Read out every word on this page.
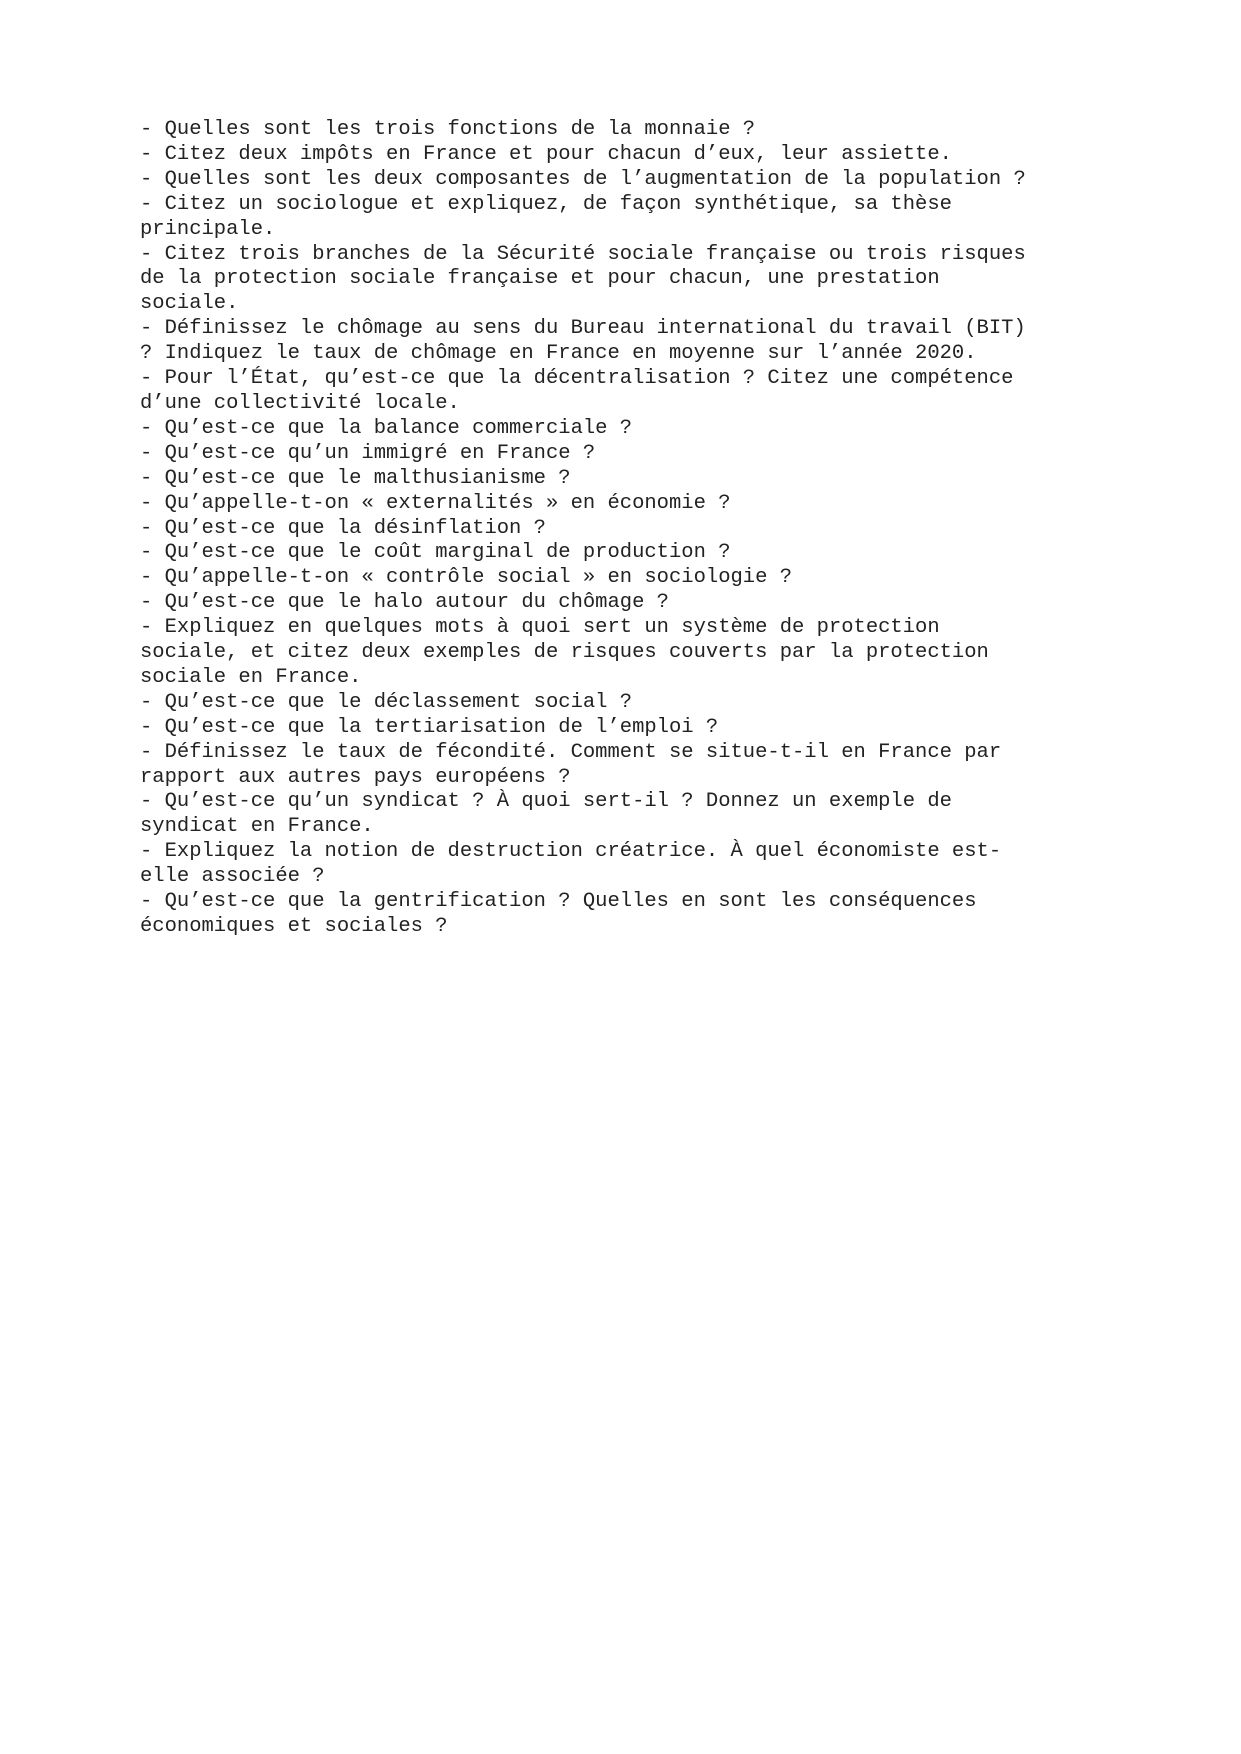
- Quelles sont les trois fonctions de la monnaie ?
- Citez deux impôts en France et pour chacun d’eux, leur assiette.
- Quelles sont les deux composantes de l’augmentation de la population ?
- Citez un sociologue et expliquez, de façon synthétique, sa thèse
principale.
- Citez trois branches de la Sécurité sociale française ou trois risques
de la protection sociale française et pour chacun, une prestation
sociale.
- Définissez le chômage au sens du Bureau international du travail (BIT)
? Indiquez le taux de chômage en France en moyenne sur l’année 2020.
- Pour l’État, qu’est-ce que la décentralisation ? Citez une compétence
d’une collectivité locale.
- Qu’est-ce que la balance commerciale ?
- Qu’est-ce qu’un immigré en France ?
- Qu’est-ce que le malthusianisme ?
- Qu’appelle-t-on « externalités » en économie ?
- Qu’est-ce que la désinflation ?
- Qu’est-ce que le coût marginal de production ?
- Qu’appelle-t-on « contrôle social » en sociologie ?
- Qu’est-ce que le halo autour du chômage ?
- Expliquez en quelques mots à quoi sert un système de protection
sociale, et citez deux exemples de risques couverts par la protection
sociale en France.
- Qu’est-ce que le déclassement social ?
- Qu’est-ce que la tertiarisation de l’emploi ?
- Définissez le taux de fécondité. Comment se situe-t-il en France par
rapport aux autres pays européens ?
- Qu’est-ce qu’un syndicat ? À quoi sert-il ? Donnez un exemple de
syndicat en France.
- Expliquez la notion de destruction créatrice. À quel économiste est-
elle associée ?
- Qu’est-ce que la gentrification ? Quelles en sont les conséquences
économiques et sociales ?
